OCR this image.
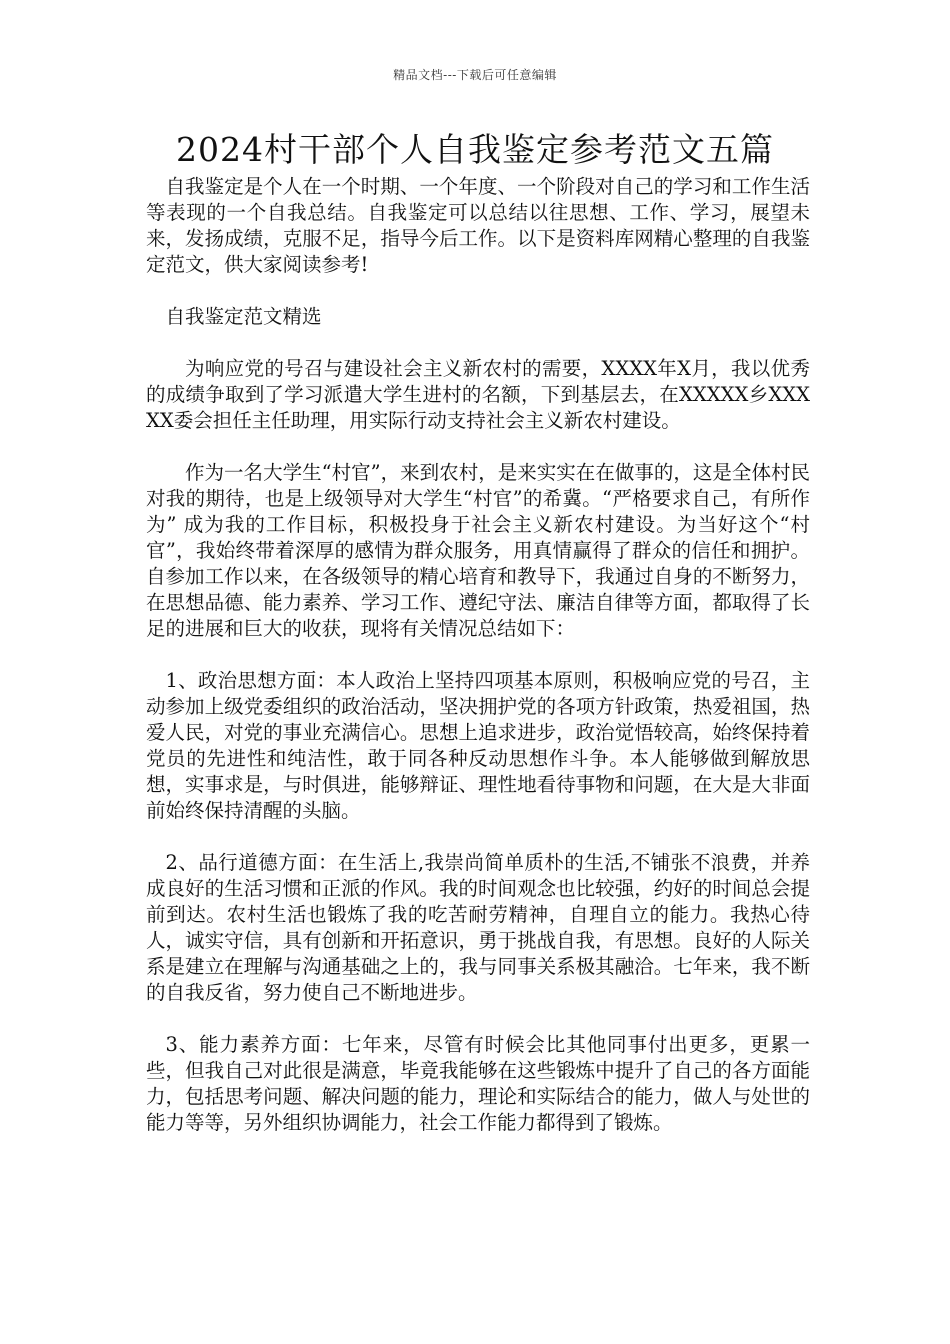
精品文档---下载后可任意编辑
2024村干部个人自我鉴定参考范文五篇

自我鉴定是个人在一个时期、一个年度、一个阶段对自己的学习和工作生活等表现的一个自我总结。自我鉴定可以总结以往思想、工作、学习，展望未来，发扬成绩，克服不足，指导今后工作。以下是资料库网精心整理的自我鉴定范文，供大家阅读参考!

自我鉴定范文精选

为响应党的号召与建设社会主义新农村的需要，XXXX年X月，我以优秀的成绩争取到了学习派遣大学生进村的名额，下到基层去，在XXXXX乡XXXXX委会担任主任助理，用实际行动支持社会主义新农村建设。

作为一名大学生“村官”，来到农村，是来实实在在做事的，这是全体村民对我的期待，也是上级领导对大学生“村官”的希冀。“严格要求自己，有所作为” 成为我的工作目标，积极投身于社会主义新农村建设。为当好这个“村官”，我始终带着深厚的感情为群众服务，用真情赢得了群众的信任和拥护。自参加工作以来，在各级领导的精心培育和教导下，我通过自身的不断努力，在思想品德、能力素养、学习工作、遵纪守法、廉洁自律等方面，都取得了长足的进展和巨大的收获，现将有关情况总结如下：

1、政治思想方面：本人政治上坚持四项基本原则，积极响应党的号召，主动参加上级党委组织的政治活动，坚决拥护党的各项方针政策，热爱祖国，热爱人民，对党的事业充满信心。思想上追求进步，政治觉悟较高，始终保持着党员的先进性和纯洁性，敢于同各种反动思想作斗争。本人能够做到解放思想，实事求是，与时俱进，能够辩证、理性地看待事物和问题，在大是大非面前始终保持清醒的头脑。

2、品行道德方面：在生活上,我崇尚简单质朴的生活,不铺张不浪费，并养成良好的生活习惯和正派的作风。我的时间观念也比较强，约好的时间总会提前到达。农村生活也锻炼了我的吃苦耐劳精神，自理自立的能力。我热心待人，诚实守信，具有创新和开拓意识，勇于挑战自我，有思想。良好的人际关系是建立在理解与沟通基础之上的，我与同事关系极其融洽。七年来，我不断的自我反省，努力使自己不断地进步。

3、能力素养方面：七年来，尽管有时候会比其他同事付出更多，更累一些，但我自己对此很是满意，毕竟我能够在这些锻炼中提升了自己的各方面能力，包括思考问题、解决问题的能力，理论和实际结合的能力，做人与处世的能力等等，另外组织协调能力，社会工作能力都得到了锻炼。
